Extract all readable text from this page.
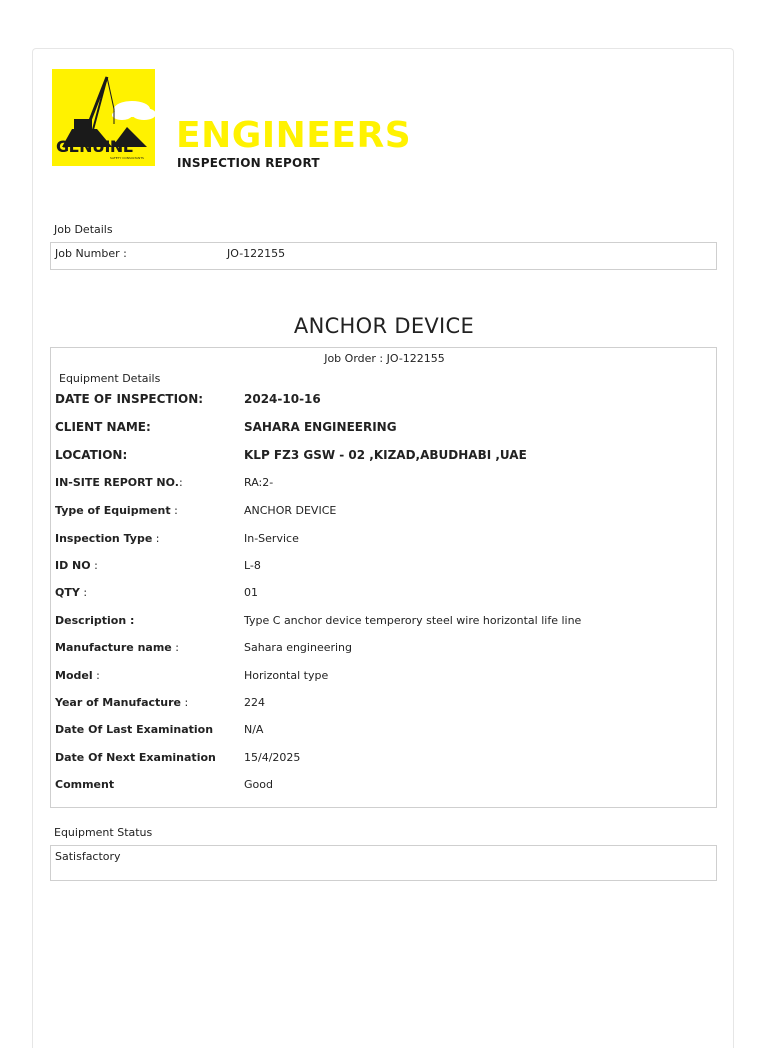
GENUINE
SAFETY CONSULTANTS
ENGINEERS
INSPECTION REPORT
Job Details
Job Number :	JO-122155
ANCHOR DEVICE
Job Order : JO-122155
Equipment Details
DATE OF INSPECTION:	2024-10-16
CLIENT NAME:	SAHARA ENGINEERING
LOCATION:	KLP FZ3 GSW - 02 ,KIZAD,ABUDHABI ,UAE
IN-SITE REPORT NO.:	RA:2-
Type of Equipment :	ANCHOR DEVICE
Inspection Type :	In-Service
ID NO :	L-8
QTY :	01
Description :	Type C anchor device temperory steel wire horizontal life line
Manufacture name :	Sahara engineering
Model :	Horizontal type
Year of Manufacture :	224
Date Of Last Examination	N/A
Date Of Next Examination	15/4/2025
Comment	Good
Equipment Status
Satisfactory
